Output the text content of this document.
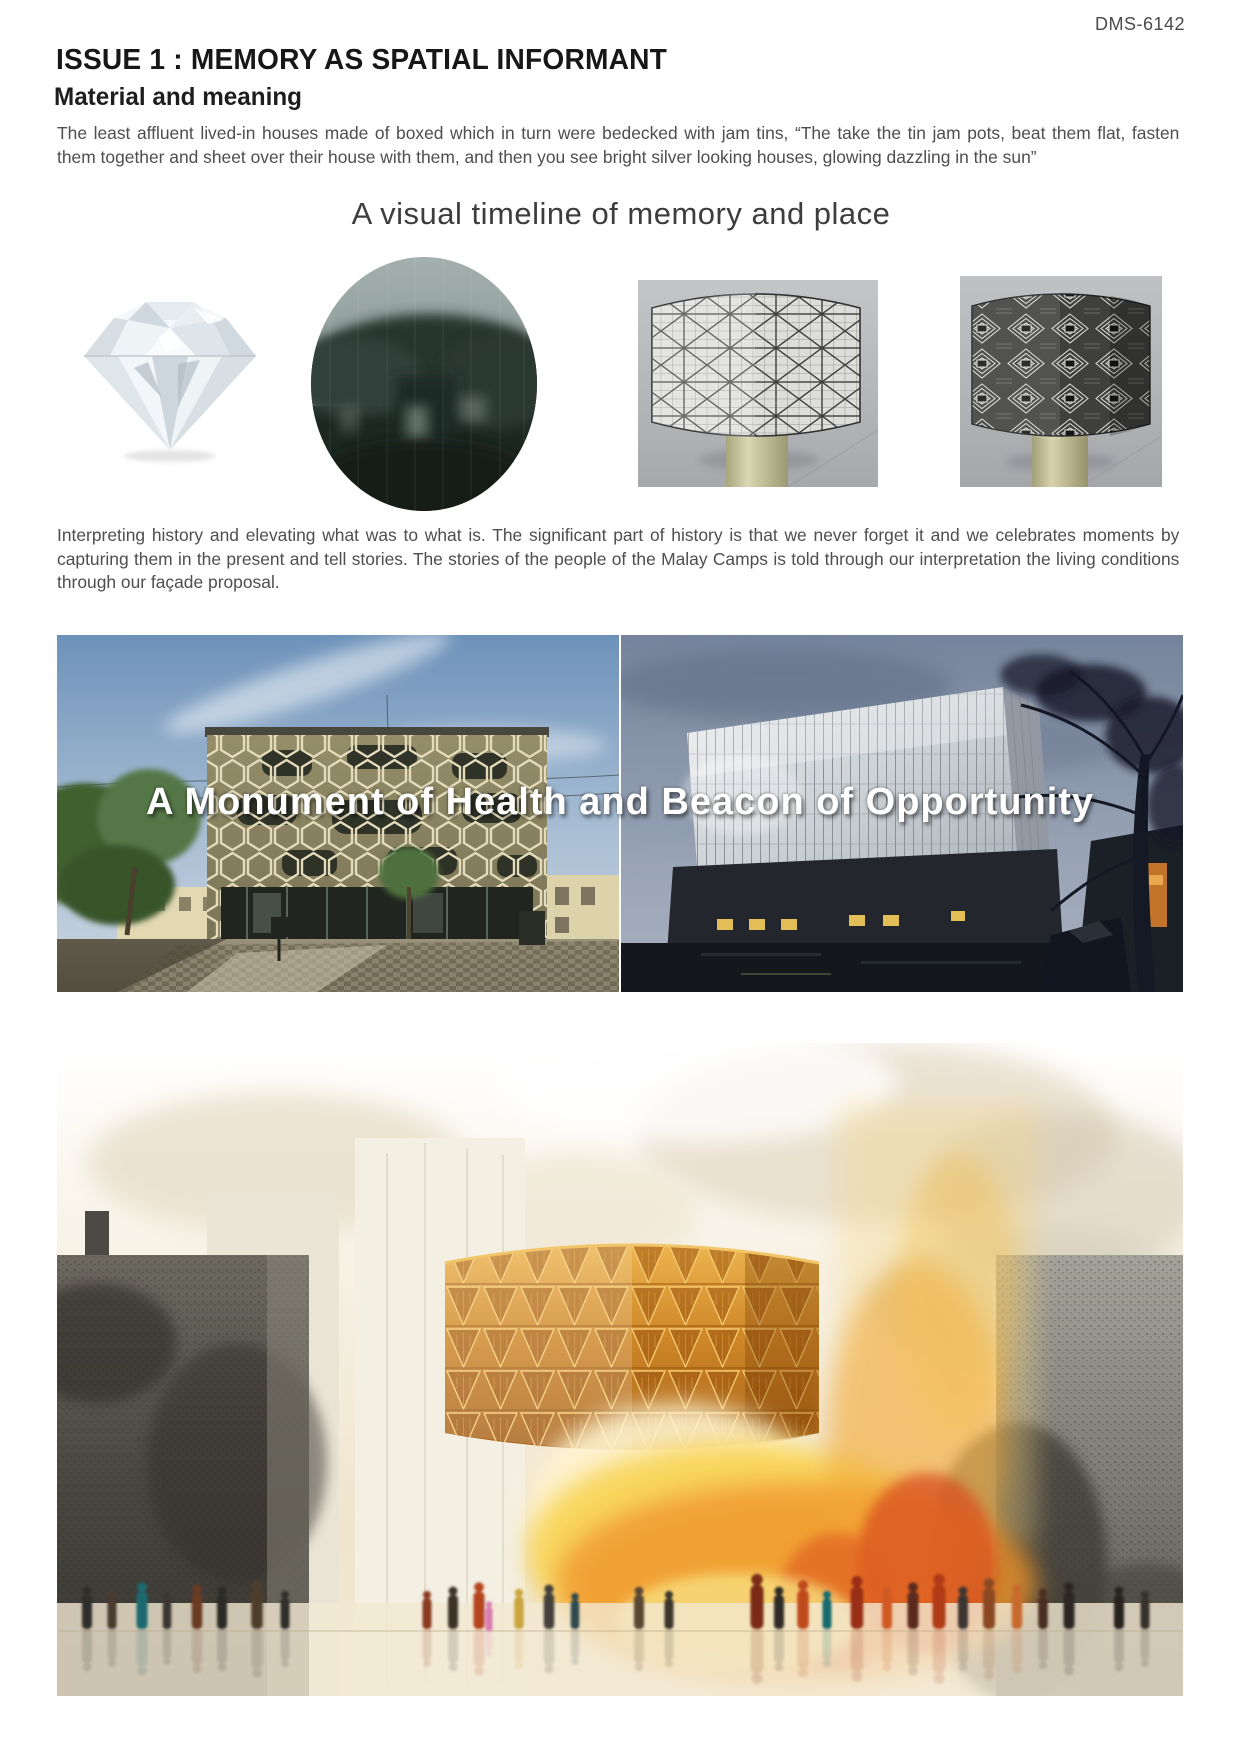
DMS-6142
ISSUE 1 : MEMORY AS SPATIAL INFORMANT
Material and meaning

The least affluent lived-in houses made of boxed which in turn were bedecked with jam tins, “The take the tin jam pots, beat them flat, fasten them together and sheet over their house with them, and then you see bright silver looking houses, glowing dazzling in the sun”

A visual timeline of memory and place

Interpreting history and elevating what was to what is. The significant part of history is that we never forget it and we celebrates moments by capturing them in the present and tell stories. The stories of the people of the Malay Camps is told through our interpretation the living conditions through our façade proposal.

A Monument of Health and Beacon of Opportunity
